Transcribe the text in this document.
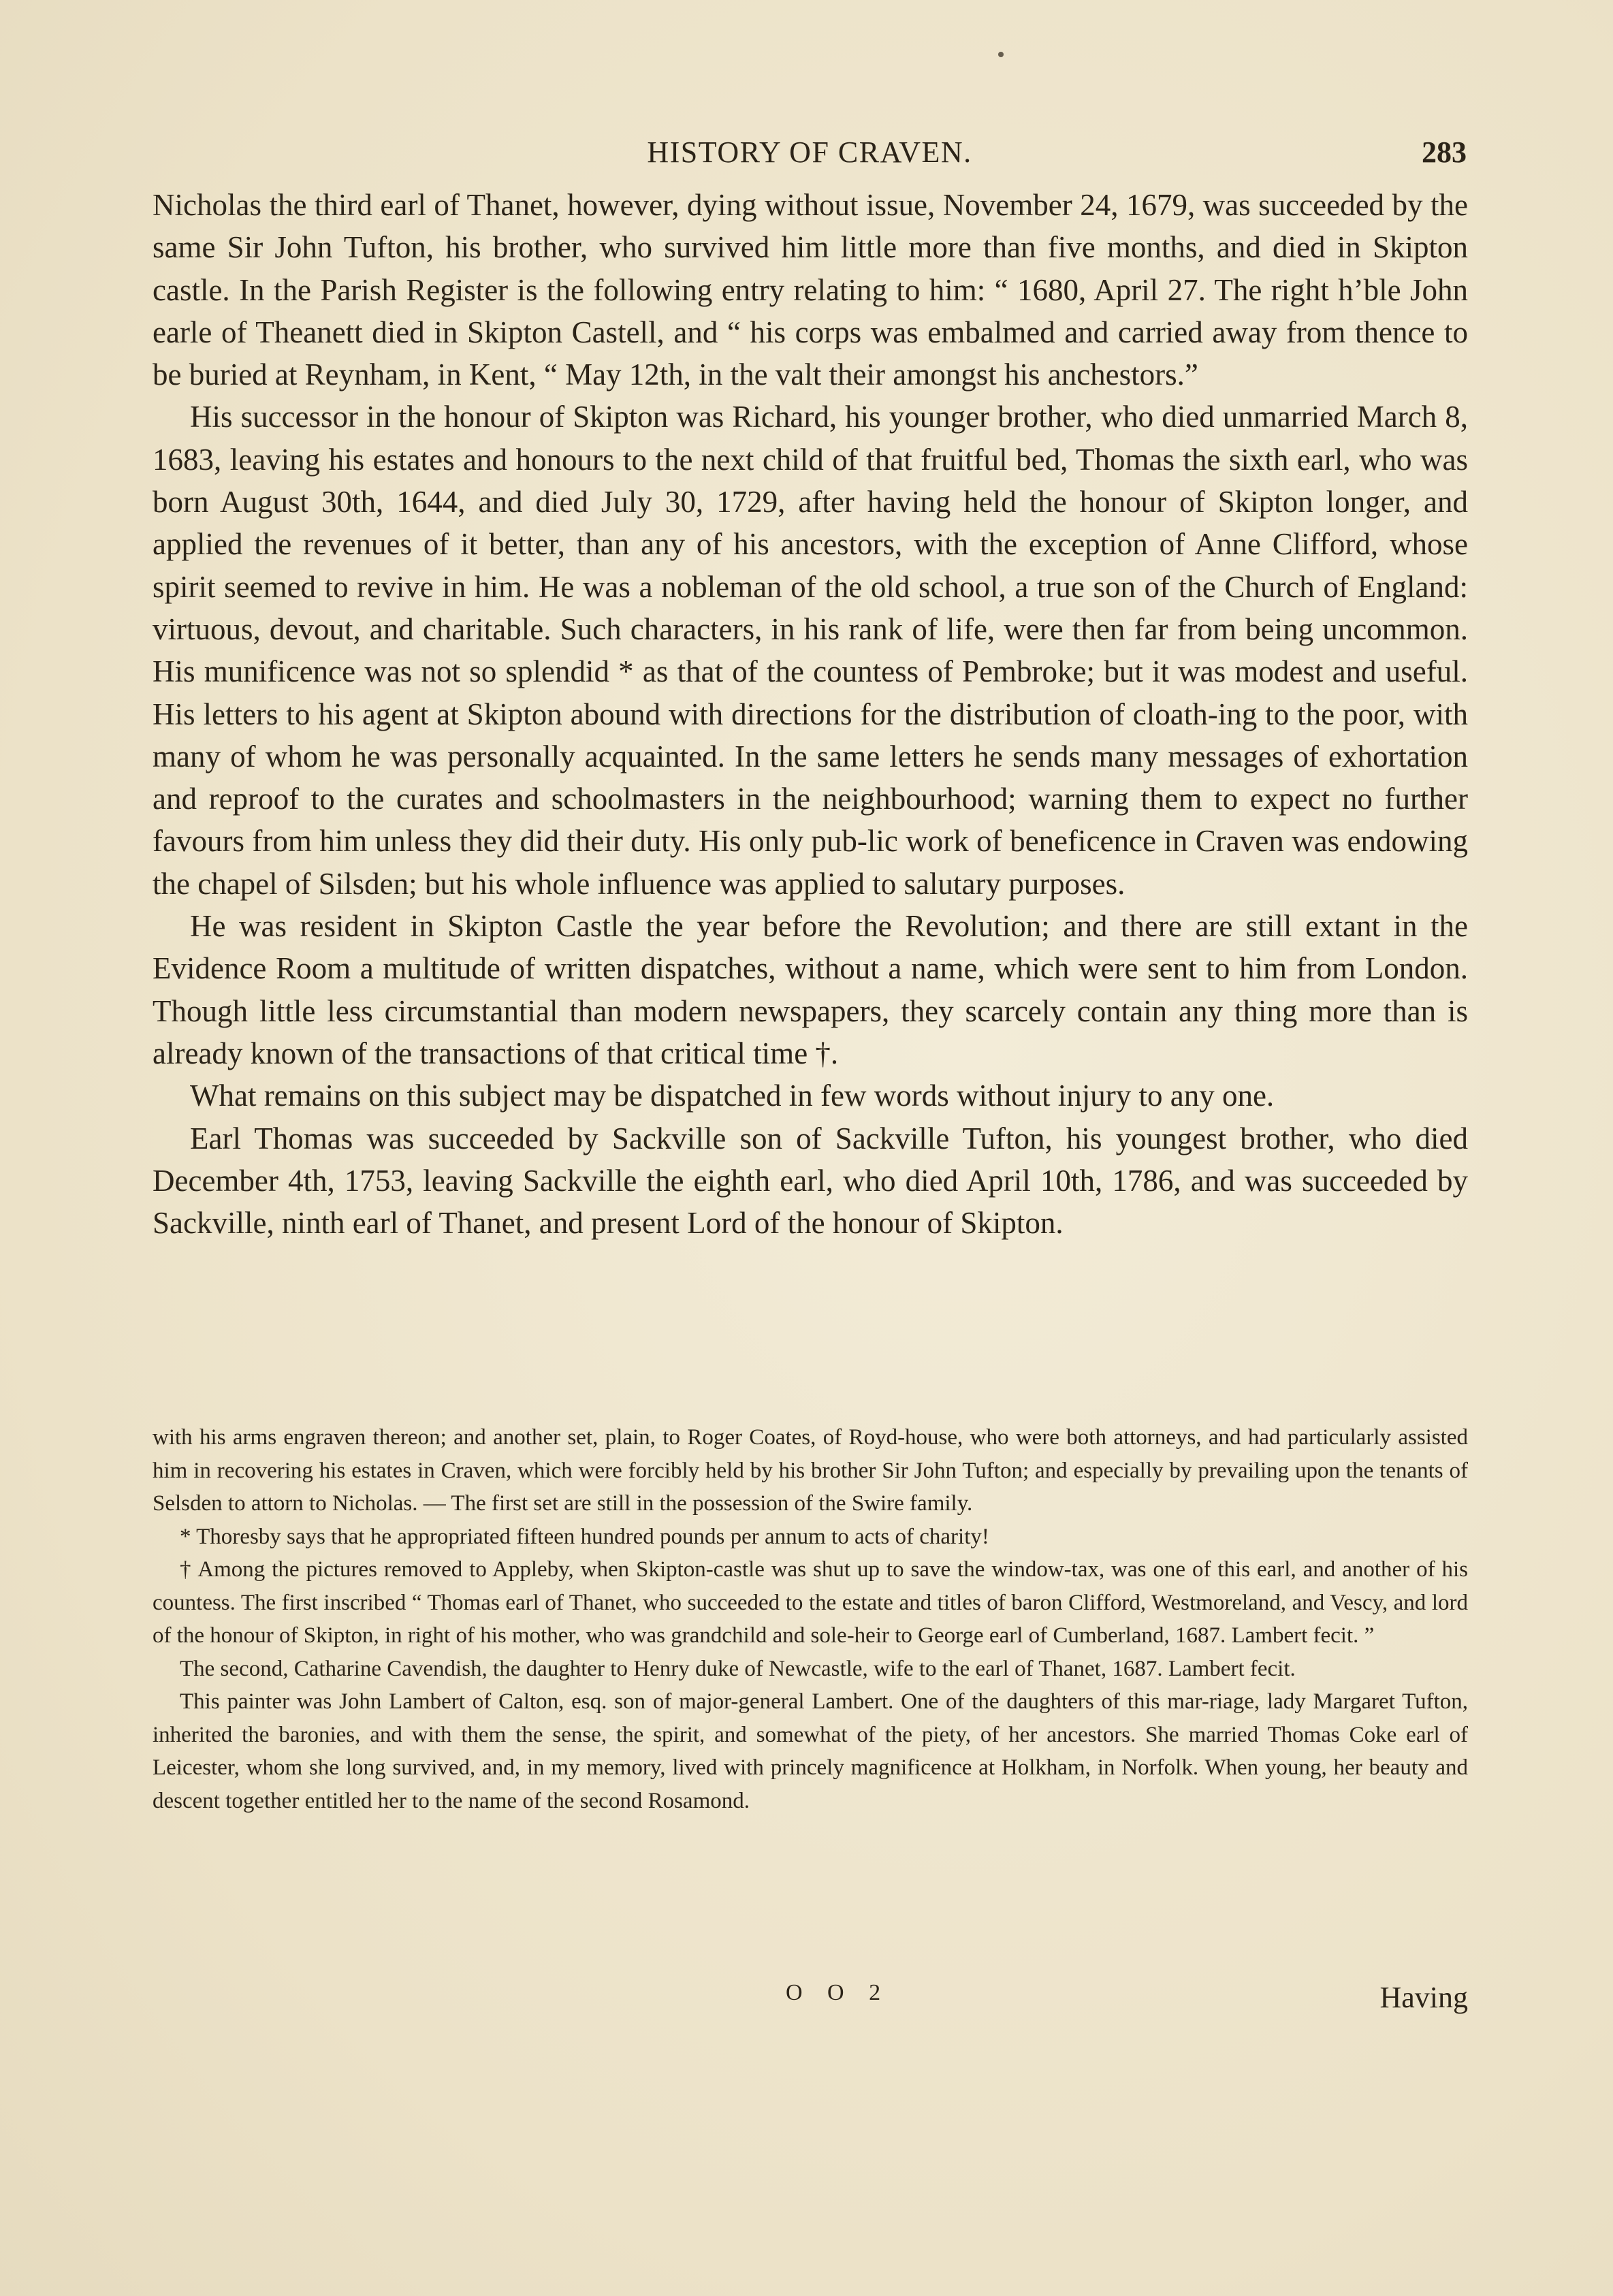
HISTORY OF CRAVEN.	283

Nicholas the third earl of Thanet, however, dying without issue, November 24, 1679, was succeeded by the same Sir John Tufton, his brother, who survived him little more than five months, and died in Skipton castle. In the Parish Register is the following entry relating to him: “ 1680, April 27. The right h’ble John earle of Theanett died in Skipton Castell, and “ his corps was embalmed and carried away from thence to be buried at Reynham, in Kent, “ May 12th, in the valt their amongst his anchestors.”

His successor in the honour of Skipton was Richard, his younger brother, who died unmarried March 8, 1683, leaving his estates and honours to the next child of that fruitful bed, Thomas the sixth earl, who was born August 30th, 1644, and died July 30, 1729, after having held the honour of Skipton longer, and applied the revenues of it better, than any of his ancestors, with the exception of Anne Clifford, whose spirit seemed to revive in him. He was a nobleman of the old school, a true son of the Church of England: virtuous, devout, and charitable. Such characters, in his rank of life, were then far from being uncommon. His munificence was not so splendid * as that of the countess of Pembroke; but it was modest and useful. His letters to his agent at Skipton abound with directions for the distribution of cloath-ing to the poor, with many of whom he was personally acquainted. In the same letters he sends many messages of exhortation and reproof to the curates and schoolmasters in the neighbourhood; warning them to expect no further favours from him unless they did their duty. His only pub-lic work of beneficence in Craven was endowing the chapel of Silsden; but his whole influence was applied to salutary purposes.

He was resident in Skipton Castle the year before the Revolution; and there are still extant in the Evidence Room a multitude of written dispatches, without a name, which were sent to him from London. Though little less circumstantial than modern newspapers, they scarcely contain any thing more than is already known of the transactions of that critical time †.

What remains on this subject may be dispatched in few words without injury to any one.

Earl Thomas was succeeded by Sackville son of Sackville Tufton, his youngest brother, who died December 4th, 1753, leaving Sackville the eighth earl, who died April 10th, 1786, and was succeeded by Sackville, ninth earl of Thanet, and present Lord of the honour of Skipton.

with his arms engraven thereon; and another set, plain, to Roger Coates, of Royd-house, who were both attorneys, and had particularly assisted him in recovering his estates in Craven, which were forcibly held by his brother Sir John Tufton; and especially by prevailing upon the tenants of Selsden to attorn to Nicholas. — The first set are still in the possession of the Swire family.

* Thoresby says that he appropriated fifteen hundred pounds per annum to acts of charity!

† Among the pictures removed to Appleby, when Skipton-castle was shut up to save the window-tax, was one of this earl, and another of his countess. The first inscribed “ Thomas earl of Thanet, who succeeded to the estate and titles of baron Clifford, Westmoreland, and Vescy, and lord of the honour of Skipton, in right of his mother, who was grandchild and sole-heir to George earl of Cumberland, 1687. Lambert fecit. ”

The second, Catharine Cavendish, the daughter to Henry duke of Newcastle, wife to the earl of Thanet, 1687. Lambert fecit.

This painter was John Lambert of Calton, esq. son of major-general Lambert. One of the daughters of this mar-riage, lady Margaret Tufton, inherited the baronies, and with them the sense, the spirit, and somewhat of the piety, of her ancestors. She married Thomas Coke earl of Leicester, whom she long survived, and, in my memory, lived with princely magnificence at Holkham, in Norfolk. When young, her beauty and descent together entitled her to the name of the second Rosamond.

O O 2	Having
